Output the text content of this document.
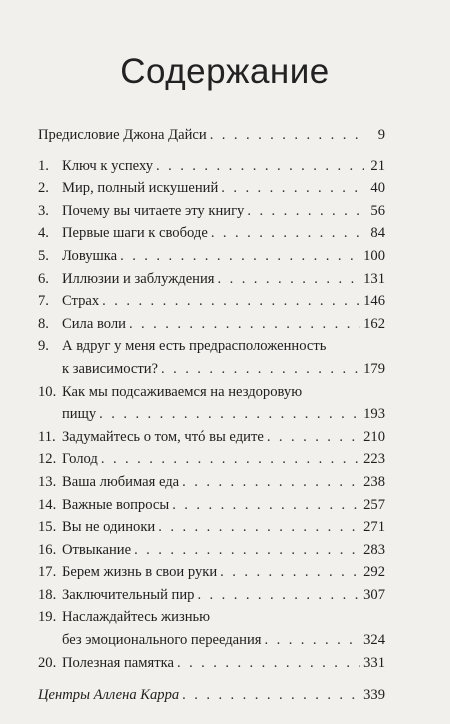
Содержание
Предисловие Джона Дайси . . .	9
1. Ключ к успеху . . .	21
2. Мир, полный искушений . . .	40
3. Почему вы читаете эту книгу . . .	56
4. Первые шаги к свободе . . .	84
5. Ловушка . . .	100
6. Иллюзии и заблуждения . . .	131
7. Страх . . .	146
8. Сила воли . . .	162
9. А вдруг у меня есть предрасположенность
к зависимости? . . .	179
10. Как мы подсаживаемся на нездоровую
пищу . . .	193
11. Задумайтесь о том, чтó вы едите . . .	210
12. Голод . . .	223
13. Ваша любимая еда . . .	238
14. Важные вопросы . . .	257
15. Вы не одиноки . . .	271
16. Отвыкание . . .	283
17. Берем жизнь в свои руки . . .	292
18. Заключительный пир . . .	307
19. Наслаждайтесь жизнью
без эмоционального переедания . . .	324
20. Полезная памятка . . .	331
Центры Аллена Карра . . .	339
